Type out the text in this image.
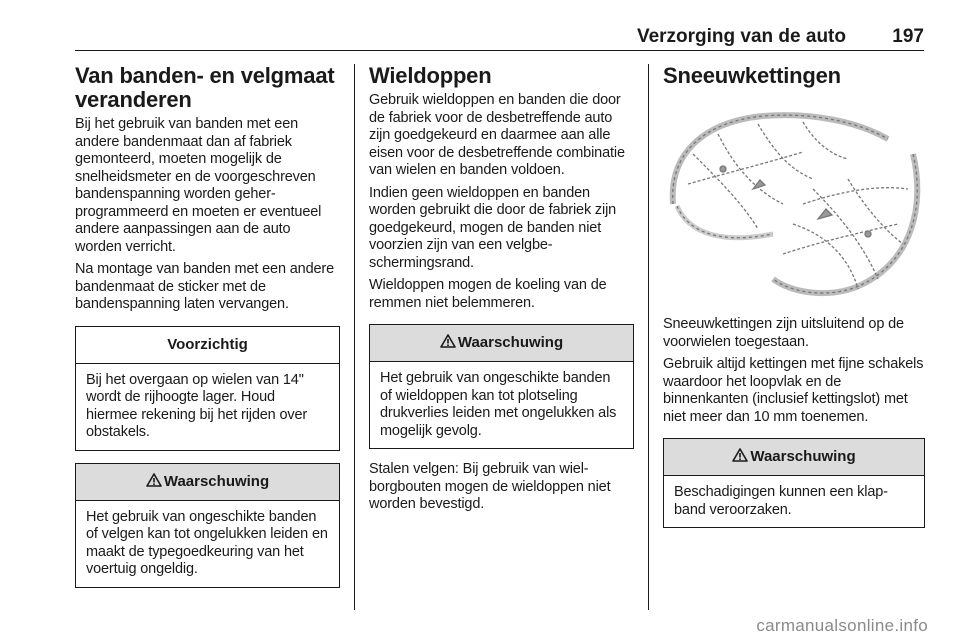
Verzorging van de auto 197
Van banden- en velgmaat veranderen

Bij het gebruik van banden met een andere bandenmaat dan af fabriek gemonteerd, moeten mogelijk de snelheidsmeter en de voorgeschreven bandenspanning worden geherprogrammeerd en moeten er eventueel andere aanpassingen aan de auto worden verricht.

Na montage van banden met een andere bandenmaat de sticker met de bandenspanning laten vervangen.

Voorzichtig

Bij het overgaan op wielen van 14" wordt de rijhoogte lager. Houd hiermee rekening bij het rijden over obstakels.

Waarschuwing

Het gebruik van ongeschikte banden of velgen kan tot ongelukken leiden en maakt de typegoedkeuring van het voertuig ongeldig.

Wieldoppen

Gebruik wieldoppen en banden die door de fabriek voor de desbetreffende auto zijn goedgekeurd en daarmee aan alle eisen voor de desbetreffende combinatie van wielen en banden voldoen.

Indien geen wieldoppen en banden worden gebruikt die door de fabriek zijn goedgekeurd, mogen de banden niet voorzien zijn van een velgbeschermingsrand.

Wieldoppen mogen de koeling van de remmen niet belemmeren.

Waarschuwing

Het gebruik van ongeschikte banden of wieldoppen kan tot plotseling drukverlies leiden met ongelukken als mogelijk gevolg.

Stalen velgen: Bij gebruik van wielborgbouten mogen de wieldoppen niet worden bevestigd.

Sneeuwkettingen

Sneeuwkettingen zijn uitsluitend op de voorwielen toegestaan.

Gebruik altijd kettingen met fijne schakels waardoor het loopvlak en de binnenkanten (inclusief kettingslot) met niet meer dan 10 mm toenemen.

Waarschuwing

Beschadigingen kunnen een klapband veroorzaken.

carmanualsonline.info
